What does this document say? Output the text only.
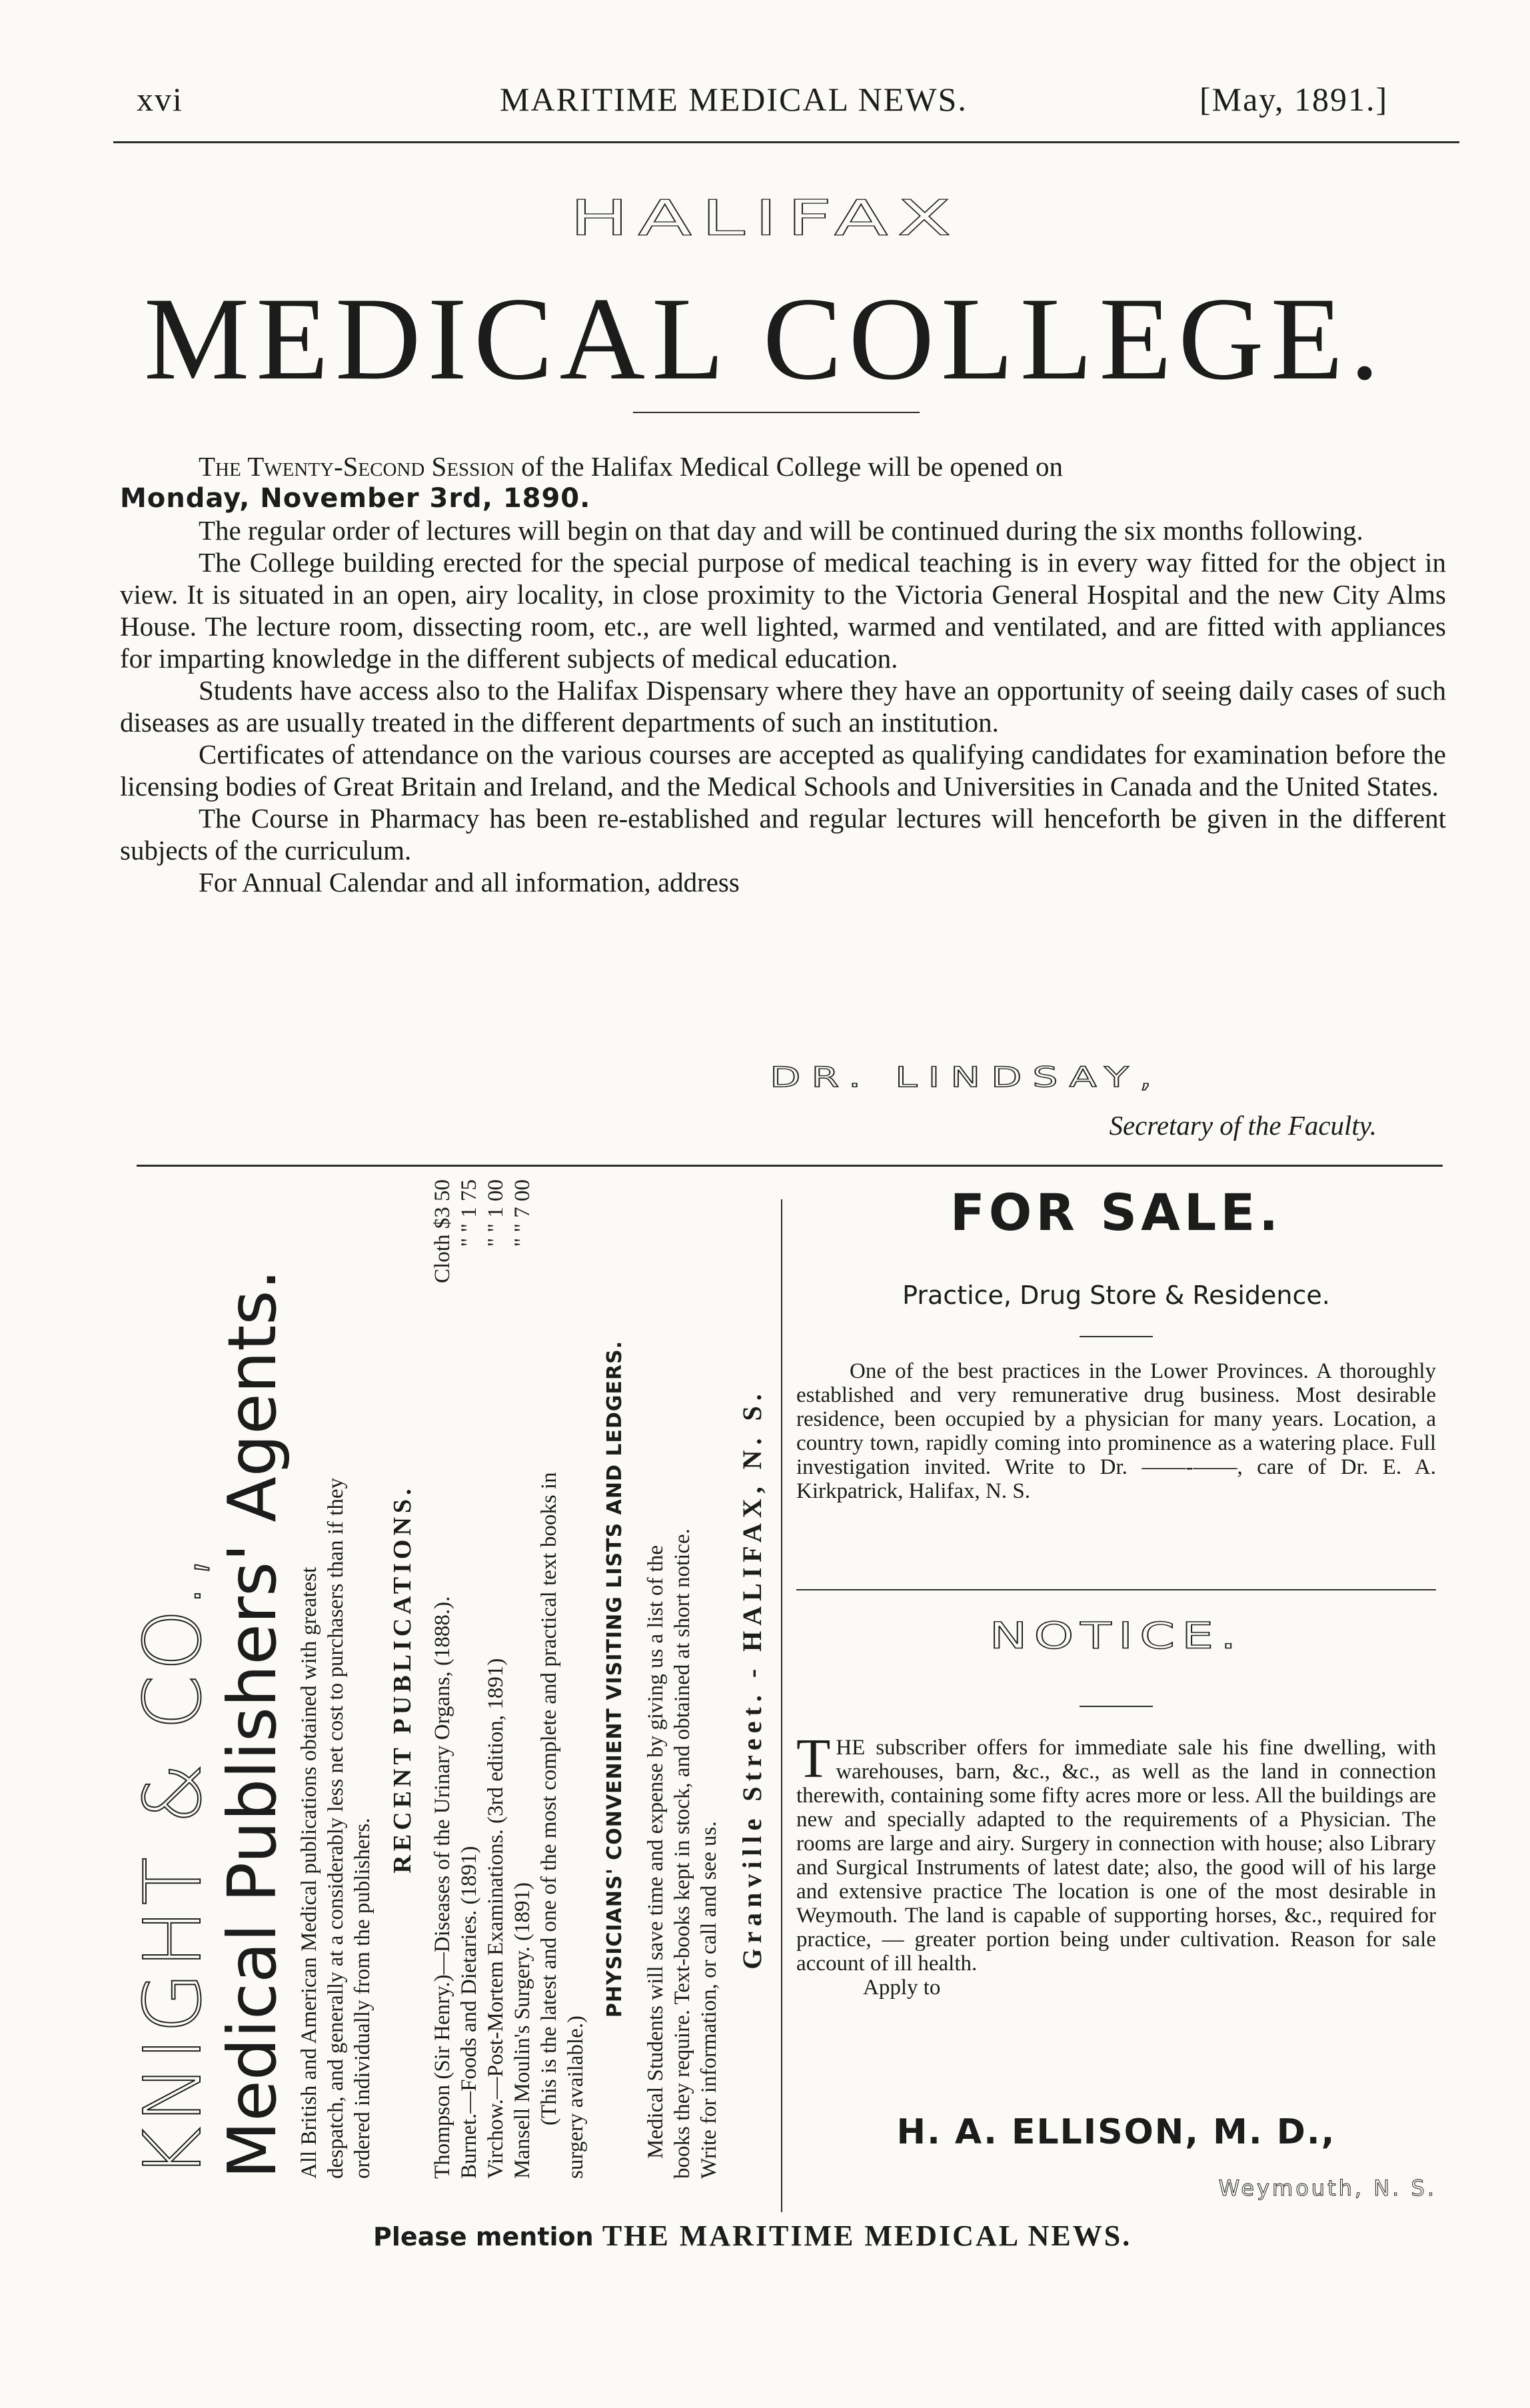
xvi	MARITIME MEDICAL NEWS.	[May, 1891.]
HALIFAX
MEDICAL COLLEGE.

The Twenty-Second Session of the Halifax Medical College will be opened on

Monday, November 3rd, 1890.

The regular order of lectures will begin on that day and will be continued during the six months following.

The College building erected for the special purpose of medical teaching is in every way fitted for the object in view. It is situated in an open, airy locality, in close proximity to the Victoria General Hospital and the new City Alms House. The lecture room, dissecting room, etc., are well lighted, warmed and ventilated, and are fitted with appliances for imparting knowledge in the different subjects of medical education.

Students have access also to the Halifax Dispensary where they have an opportunity of seeing daily cases of such diseases as are usually treated in the different departments of such an institution.

Certificates of attendance on the various courses are accepted as qualifying candidates for examination before the licensing bodies of Great Britain and Ireland, and the Medical Schools and Universities in Canada and the United States.

The Course in Pharmacy has been re-established and regular lectures will henceforth be given in the different subjects of the curriculum.

For Annual Calendar and all information, address

DR. LINDSAY,
Secretary of the Faculty.
KNIGHT & CO.,
Medical Publishers' Agents. All British and American Medical publications obtained with greatest despatch, and generally at a considerably less net cost to purchasers than if they ordered individually from the publishers.
RECENT PUBLICATIONS. Thompson (Sir Henry.)—Diseases of the Urinary Organs, (1888.).
Cloth $3 50
Burnet.—Foods and Dietaries. (1891)
" " 1 75
Virchow.—Post-Mortem Examinations. (3rd edition, 1891)
" " 1 00
Mansell Moulin's Surgery. (1891)
" " 7 00
(This is the latest and one of the most complete and practical text books in surgery available.)
PHYSICIANS' CONVENIENT VISITING LISTS AND LEDGERS. Medical Students will save time and expense by giving us a list of the books they require. Text-books kept in stock, and obtained at short notice. Write for information, or call and see us.
Granville Street. - HALIFAX, N. S.
FOR SALE.
Practice, Drug Store & Residence.
One of the best practices in the Lower Provinces. A thoroughly established and very remunerative drug business. Most desirable residence, been occupied by a physician for many years. Location, a country town, rapidly coming into prominence as a watering place. Full investigation invited. Write to Dr. ——-——, care of Dr. E. A. Kirkpatrick, Halifax, N. S.
NOTICE.
THE subscriber offers for immediate sale his fine dwelling, with warehouses, barn, &c., &c., as well as the land in connection therewith, containing some fifty acres more or less. All the buildings are new and specially adapted to the requirements of a Physician. The rooms are large and airy. Surgery in connection with house; also Library and Surgical Instruments of latest date; also, the good will of his large and extensive practice The location is one of the most desirable in Weymouth. The land is capable of supporting horses, &c., required for practice, — greater portion being under cultivation. Reason for sale account of ill health.
Apply to
H. A. ELLISON, M. D.,
Weymouth, N. S.
Please mention THE MARITIME MEDICAL NEWS.
